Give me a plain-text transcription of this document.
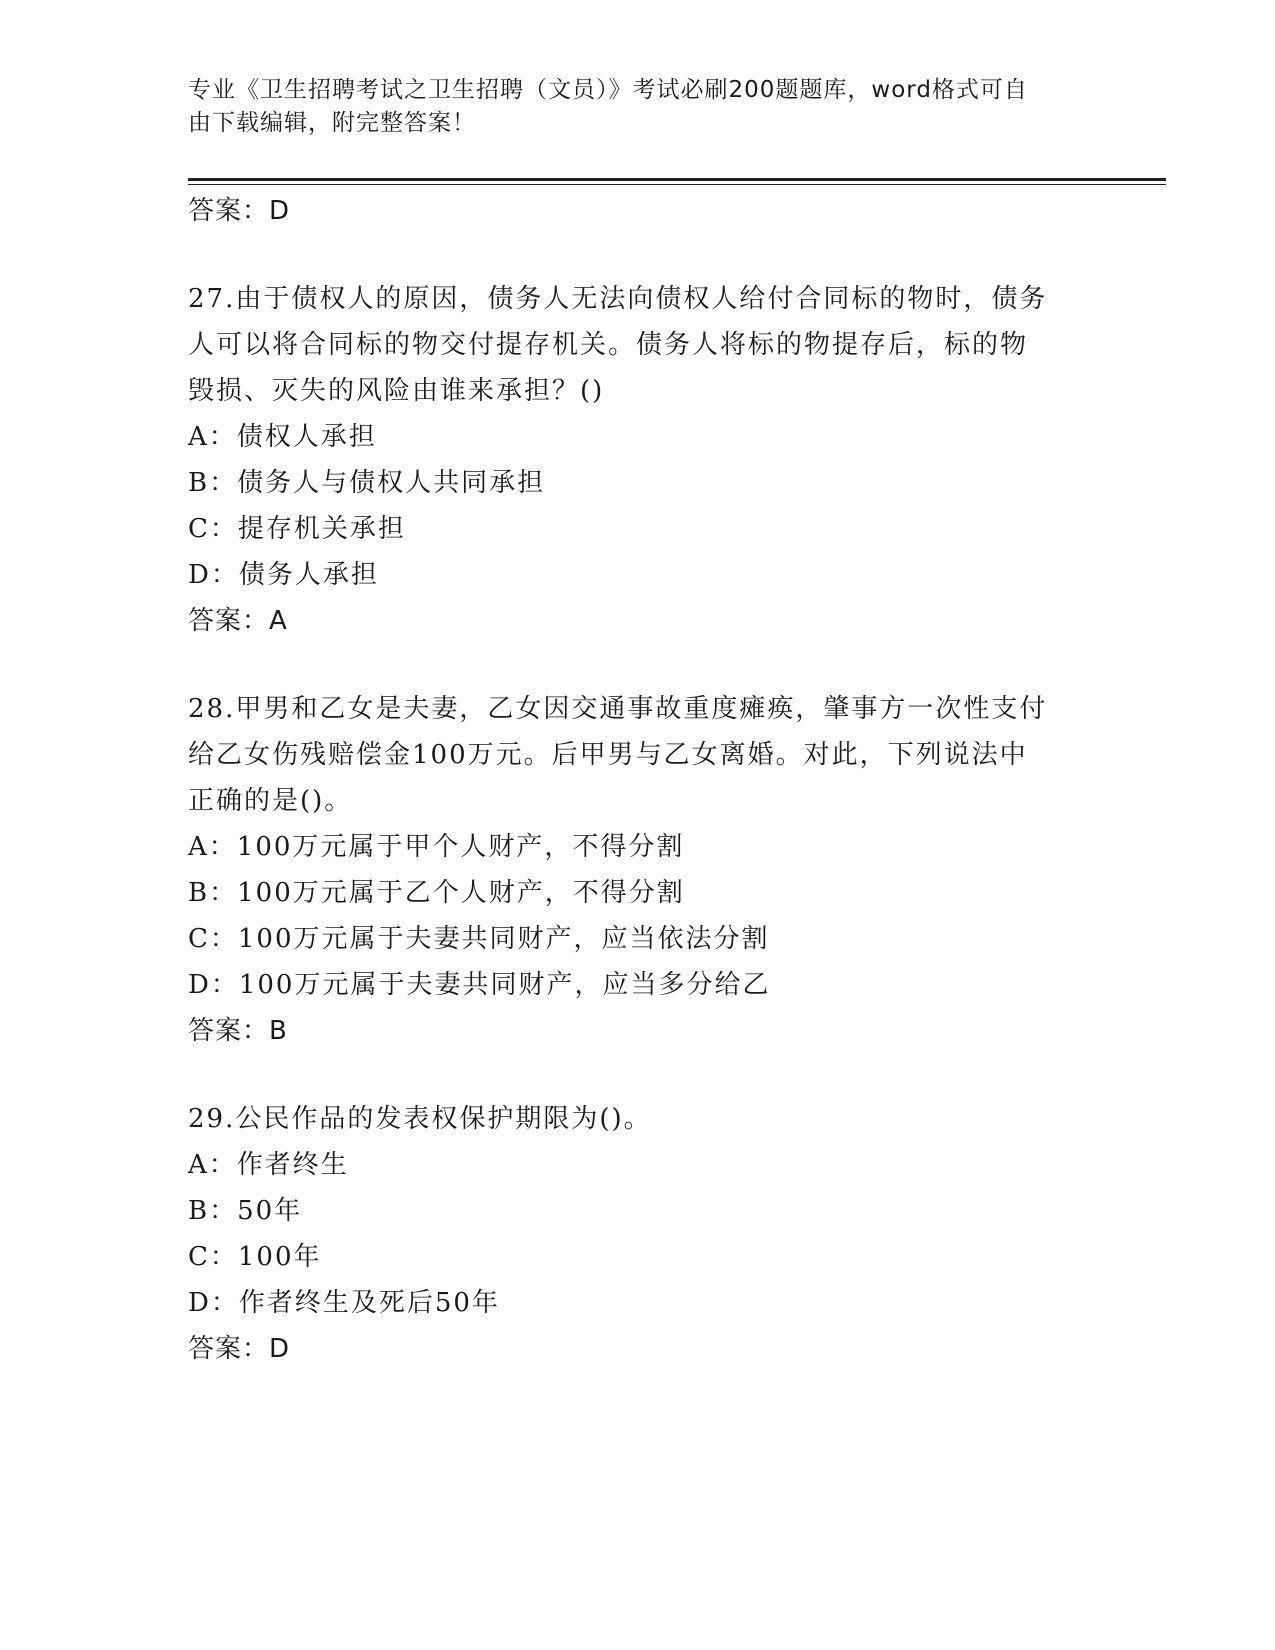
专业《卫生招聘考试之卫生招聘（文员）》考试必刷200题题库，word格式可自
由下载编辑，附完整答案！
答案：D
27.由于债权人的原因，债务人无法向债权人给付合同标的物时，债务人可以将合同标的物交付提存机关。债务人将标的物提存后，标的物毁损、灭失的风险由谁来承担？()
A：债权人承担
B：债务人与债权人共同承担
C：提存机关承担
D：债务人承担
答案：A
28.甲男和乙女是夫妻，乙女因交通事故重度瘫痪，肇事方一次性支付给乙女伤残赔偿金100万元。后甲男与乙女离婚。对此，下列说法中正确的是()。
A：100万元属于甲个人财产，不得分割
B：100万元属于乙个人财产，不得分割
C：100万元属于夫妻共同财产，应当依法分割
D：100万元属于夫妻共同财产，应当多分给乙
答案：B
29.公民作品的发表权保护期限为()。
A：作者终生
B：50年
C：100年
D：作者终生及死后50年
答案：D
